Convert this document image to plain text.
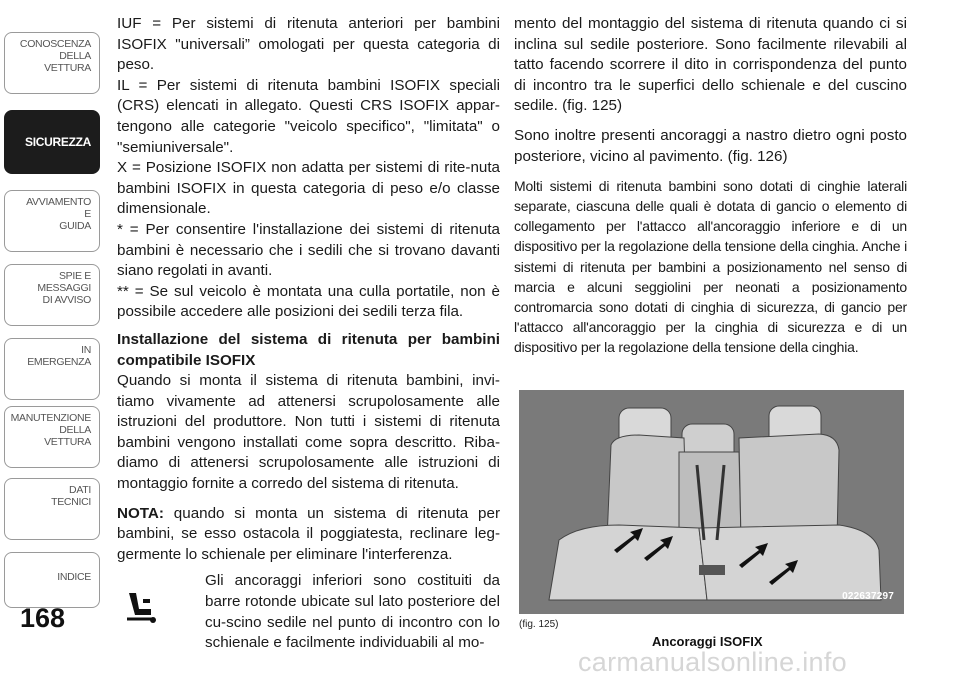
CONOSCENZA
DELLA
VETTURA
SICUREZZA
AVVIAMENTO
E
GUIDA
SPIE E
MESSAGGI
DI AVVISO
IN
EMERGENZA
MANUTENZIONE
DELLA
VETTURA
DATI
TECNICI
INDICE
168

IUF = Per sistemi di ritenuta anteriori per bambini ISOFIX "universali” omologati per questa categoria di peso.

IL = Per sistemi di ritenuta bambini ISOFIX speciali (CRS) elencati in allegato. Questi CRS ISOFIX appar-tengono alle categorie "veicolo specifico", "limitata" o "semiuniversale".

X = Posizione ISOFIX non adatta per sistemi di rite-nuta bambini ISOFIX in questa categoria di peso e/o classe dimensionale.

* = Per consentire l'installazione dei sistemi di ritenuta bambini è necessario che i sedili che si trovano davanti siano regolati in avanti.

** = Se sul veicolo è montata una culla portatile, non è possibile accedere alle posizioni dei sedili terza fila.

Installazione del sistema di ritenuta per bambini compatibile ISOFIX

Quando si monta il sistema di ritenuta bambini, invi-tiamo vivamente ad attenersi scrupolosamente alle istruzioni del produttore. Non tutti i sistemi di ritenuta bambini vengono installati come sopra descritto. Riba-diamo di attenersi scrupolosamente alle istruzioni di montaggio fornite a corredo del sistema di ritenuta.

NOTA: quando si monta un sistema di ritenuta per bambini, se esso ostacola il poggiatesta, reclinare leg-germente lo schienale per eliminare l'interferenza.

Gli ancoraggi inferiori sono costituiti da barre rotonde ubicate sul lato posteriore del cu-scino sedile nel punto di incontro con lo schienale e facilmente individuabili al mo-

mento del montaggio del sistema di ritenuta quando ci si inclina sul sedile posteriore. Sono facilmente rilevabili al tatto facendo scorrere il dito in corrispondenza del punto di incontro tra le superfici dello schienale e del cuscino sedile. (fig. 125)

Sono inoltre presenti ancoraggi a nastro dietro ogni posto posteriore, vicino al pavimento. (fig. 126)

Molti sistemi di ritenuta bambini sono dotati di cinghie laterali separate, ciascuna delle quali è dotata di gancio o elemento di collegamento per l'attacco all'ancoraggio inferiore e di un dispositivo per la regolazione della tensione della cinghia. Anche i sistemi di ritenuta per bambini a posizionamento nel senso di marcia e alcuni seggiolini per neonati a posizionamento contromarcia sono dotati di cinghia di sicurezza, di gancio per l'attacco all'ancoraggio per la cinghia di sicurezza e di un dispositivo per la regolazione della tensione della cinghia.

0226372​97
(fig. 125)
Ancoraggi ISOFIX
carmanualsonline.info
